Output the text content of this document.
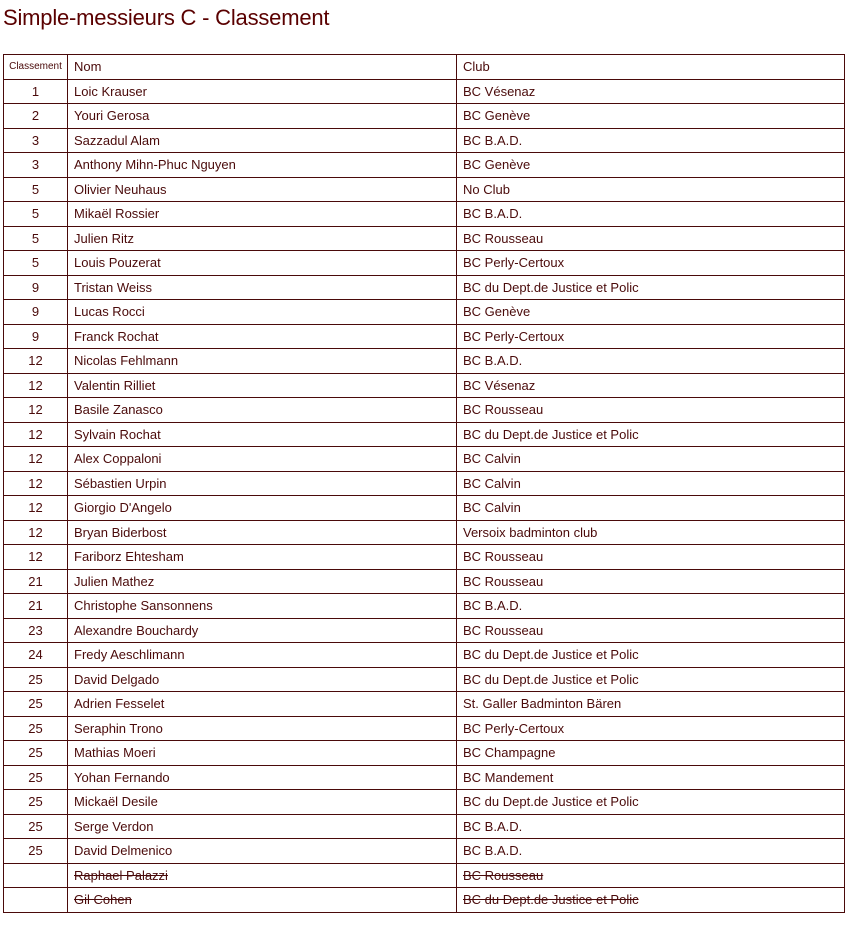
Simple-messieurs C - Classement
Classement	Nom	Club
1	Loic Krauser	BC Vésenaz
2	Youri Gerosa	BC Genève
3	Sazzadul Alam	BC B.A.D.
3	Anthony Mihn-Phuc Nguyen	BC Genève
5	Olivier Neuhaus	No Club
5	Mikaël Rossier	BC B.A.D.
5	Julien Ritz	BC Rousseau
5	Louis Pouzerat	BC Perly-Certoux
9	Tristan Weiss	BC du Dept.de Justice et Polic
9	Lucas Rocci	BC Genève
9	Franck Rochat	BC Perly-Certoux
12	Nicolas Fehlmann	BC B.A.D.
12	Valentin Rilliet	BC Vésenaz
12	Basile Zanasco	BC Rousseau
12	Sylvain Rochat	BC du Dept.de Justice et Polic
12	Alex Coppaloni	BC Calvin
12	Sébastien Urpin	BC Calvin
12	Giorgio D'Angelo	BC Calvin
12	Bryan Biderbost	Versoix badminton club
12	Fariborz Ehtesham	BC Rousseau
21	Julien Mathez	BC Rousseau
21	Christophe Sansonnens	BC B.A.D.
23	Alexandre Bouchardy	BC Rousseau
24	Fredy Aeschlimann	BC du Dept.de Justice et Polic
25	David Delgado	BC du Dept.de Justice et Polic
25	Adrien Fesselet	St. Galler Badminton Bären
25	Seraphin Trono	BC Perly-Certoux
25	Mathias Moeri	BC Champagne
25	Yohan Fernando	BC Mandement
25	Mickaël Desile	BC du Dept.de Justice et Polic
25	Serge Verdon	BC B.A.D.
25	David Delmenico	BC B.A.D.
	Raphael Palazzi	BC Rousseau
	Gil Cohen	BC du Dept.de Justice et Polic
